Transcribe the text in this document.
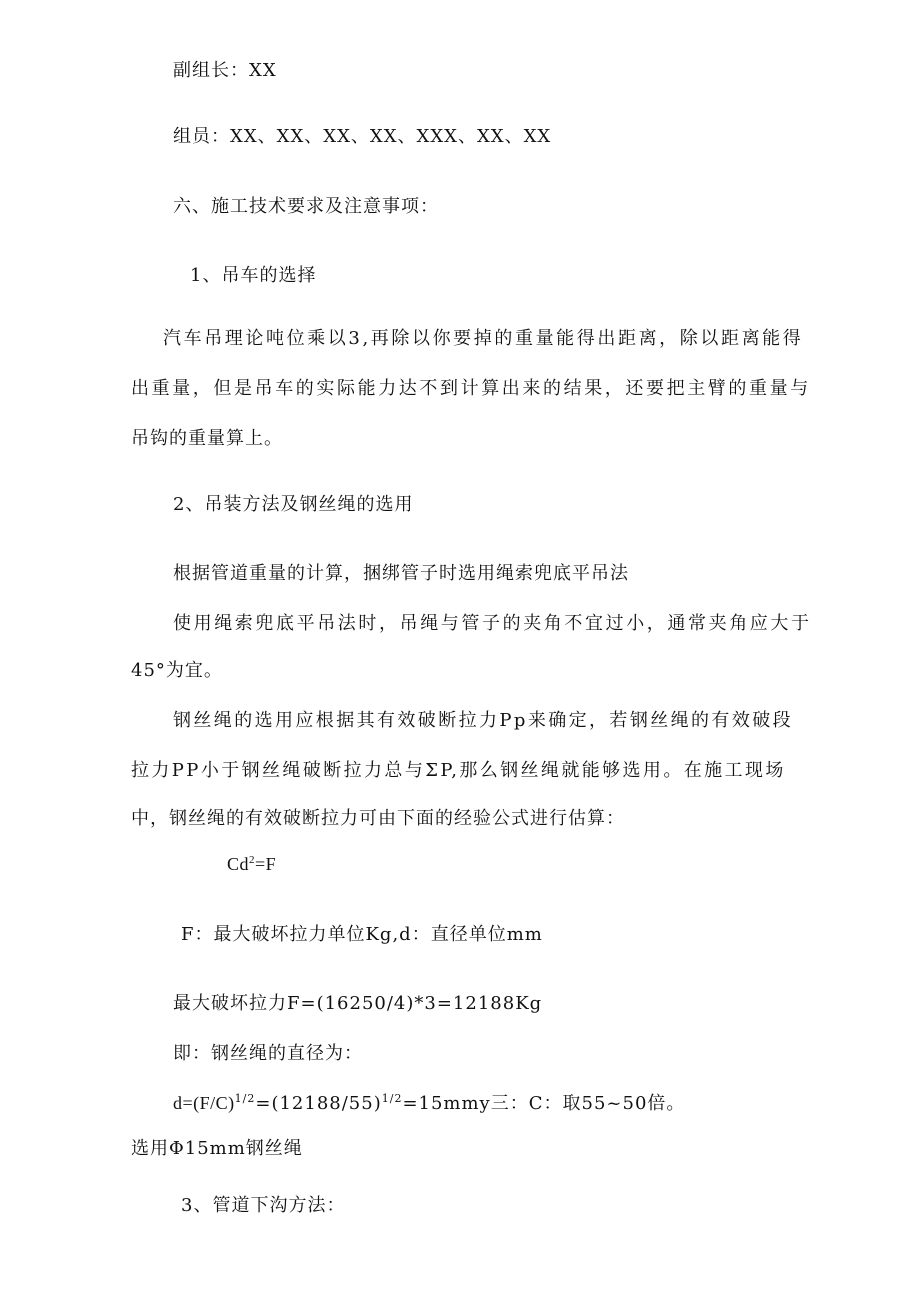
副组长：XX
组员：XX、XX、XX、XX、XXX、XX、XX
六、施工技术要求及注意事项：
1、吊车的选择
汽车吊理论吨位乘以3,再除以你要掉的重量能得出距离，除以距离能得
出重量，但是吊车的实际能力达不到计算出来的结果，还要把主臂的重量与
吊钩的重量算上。
2、吊装方法及钢丝绳的选用
根据管道重量的计算，捆绑管子时选用绳索兜底平吊法
使用绳索兜底平吊法时，吊绳与管子的夹角不宜过小，通常夹角应大于
45°为宜。
钢丝绳的选用应根据其有效破断拉力Pp来确定，若钢丝绳的有效破段
拉力PP小于钢丝绳破断拉力总与ΣP,那么钢丝绳就能够选用。在施工现场
中，钢丝绳的有效破断拉力可由下面的经验公式进行估算：
$Cd^2=F$
F：最大破坏拉力单位Kg,d：直径单位mm
最大破坏拉力F=(16250/4)*3=12188Kg
即：钢丝绳的直径为：
$d=(F/C)^{1/2}=(12188/55)^{1/2}=15mmy$三：C：取55~50倍。
选用Φ15mm钢丝绳
3、管道下沟方法：
